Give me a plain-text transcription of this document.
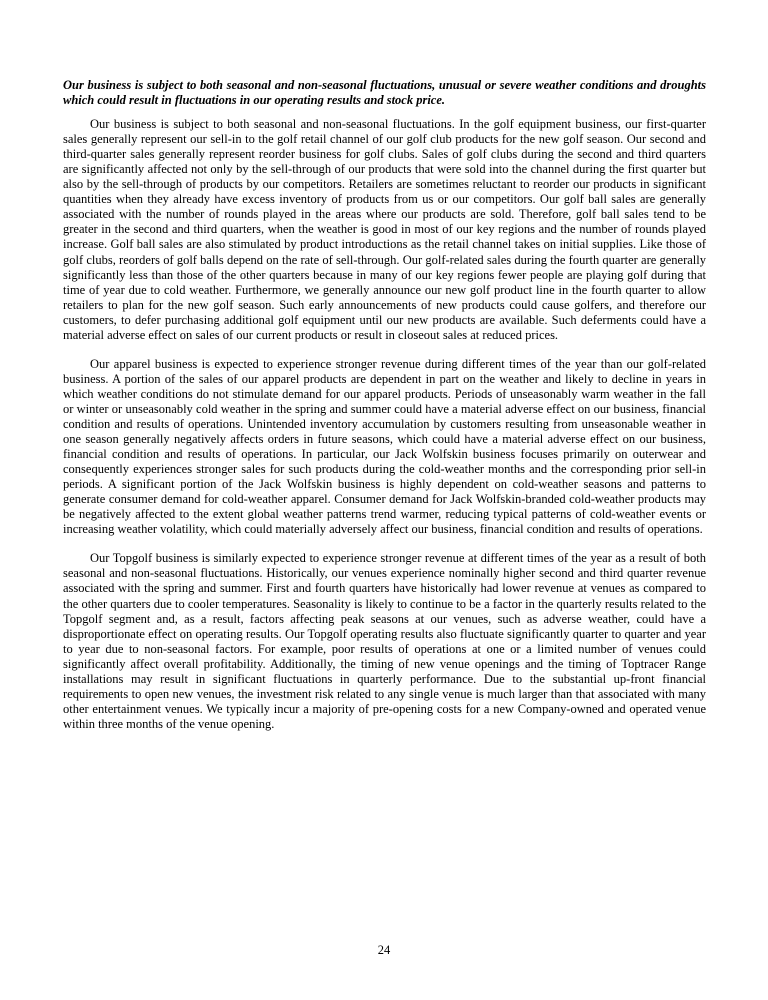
Our business is subject to both seasonal and non-seasonal fluctuations, unusual or severe weather conditions and droughts which could result in fluctuations in our operating results and stock price.

Our business is subject to both seasonal and non-seasonal fluctuations. In the golf equipment business, our first-quarter sales generally represent our sell-in to the golf retail channel of our golf club products for the new golf season. Our second and third-quarter sales generally represent reorder business for golf clubs. Sales of golf clubs during the second and third quarters are significantly affected not only by the sell-through of our products that were sold into the channel during the first quarter but also by the sell-through of products by our competitors. Retailers are sometimes reluctant to reorder our products in significant quantities when they already have excess inventory of products from us or our competitors. Our golf ball sales are generally associated with the number of rounds played in the areas where our products are sold. Therefore, golf ball sales tend to be greater in the second and third quarters, when the weather is good in most of our key regions and the number of rounds played increase. Golf ball sales are also stimulated by product introductions as the retail channel takes on initial supplies. Like those of golf clubs, reorders of golf balls depend on the rate of sell-through. Our golf-related sales during the fourth quarter are generally significantly less than those of the other quarters because in many of our key regions fewer people are playing golf during that time of year due to cold weather. Furthermore, we generally announce our new golf product line in the fourth quarter to allow retailers to plan for the new golf season. Such early announcements of new products could cause golfers, and therefore our customers, to defer purchasing additional golf equipment until our new products are available. Such deferments could have a material adverse effect on sales of our current products or result in closeout sales at reduced prices.

Our apparel business is expected to experience stronger revenue during different times of the year than our golf-related business. A portion of the sales of our apparel products are dependent in part on the weather and likely to decline in years in which weather conditions do not stimulate demand for our apparel products. Periods of unseasonably warm weather in the fall or winter or unseasonably cold weather in the spring and summer could have a material adverse effect on our business, financial condition and results of operations. Unintended inventory accumulation by customers resulting from unseasonable weather in one season generally negatively affects orders in future seasons, which could have a material adverse effect on our business, financial condition and results of operations. In particular, our Jack Wolfskin business focuses primarily on outerwear and consequently experiences stronger sales for such products during the cold-weather months and the corresponding prior sell-in periods. A significant portion of the Jack Wolfskin business is highly dependent on cold-weather seasons and patterns to generate consumer demand for cold-weather apparel. Consumer demand for Jack Wolfskin-branded cold-weather products may be negatively affected to the extent global weather patterns trend warmer, reducing typical patterns of cold-weather events or increasing weather volatility, which could materially adversely affect our business, financial condition and results of operations.

Our Topgolf business is similarly expected to experience stronger revenue at different times of the year as a result of both seasonal and non-seasonal fluctuations. Historically, our venues experience nominally higher second and third quarter revenue associated with the spring and summer. First and fourth quarters have historically had lower revenue at venues as compared to the other quarters due to cooler temperatures. Seasonality is likely to continue to be a factor in the quarterly results related to the Topgolf segment and, as a result, factors affecting peak seasons at our venues, such as adverse weather, could have a disproportionate effect on operating results. Our Topgolf operating results also fluctuate significantly quarter to quarter and year to year due to non-seasonal factors. For example, poor results of operations at one or a limited number of venues could significantly affect overall profitability. Additionally, the timing of new venue openings and the timing of Toptracer Range installations may result in significant fluctuations in quarterly performance. Due to the substantial up-front financial requirements to open new venues, the investment risk related to any single venue is much larger than that associated with many other entertainment venues. We typically incur a majority of pre-opening costs for a new Company-owned and operated venue within three months of the venue opening.

24
